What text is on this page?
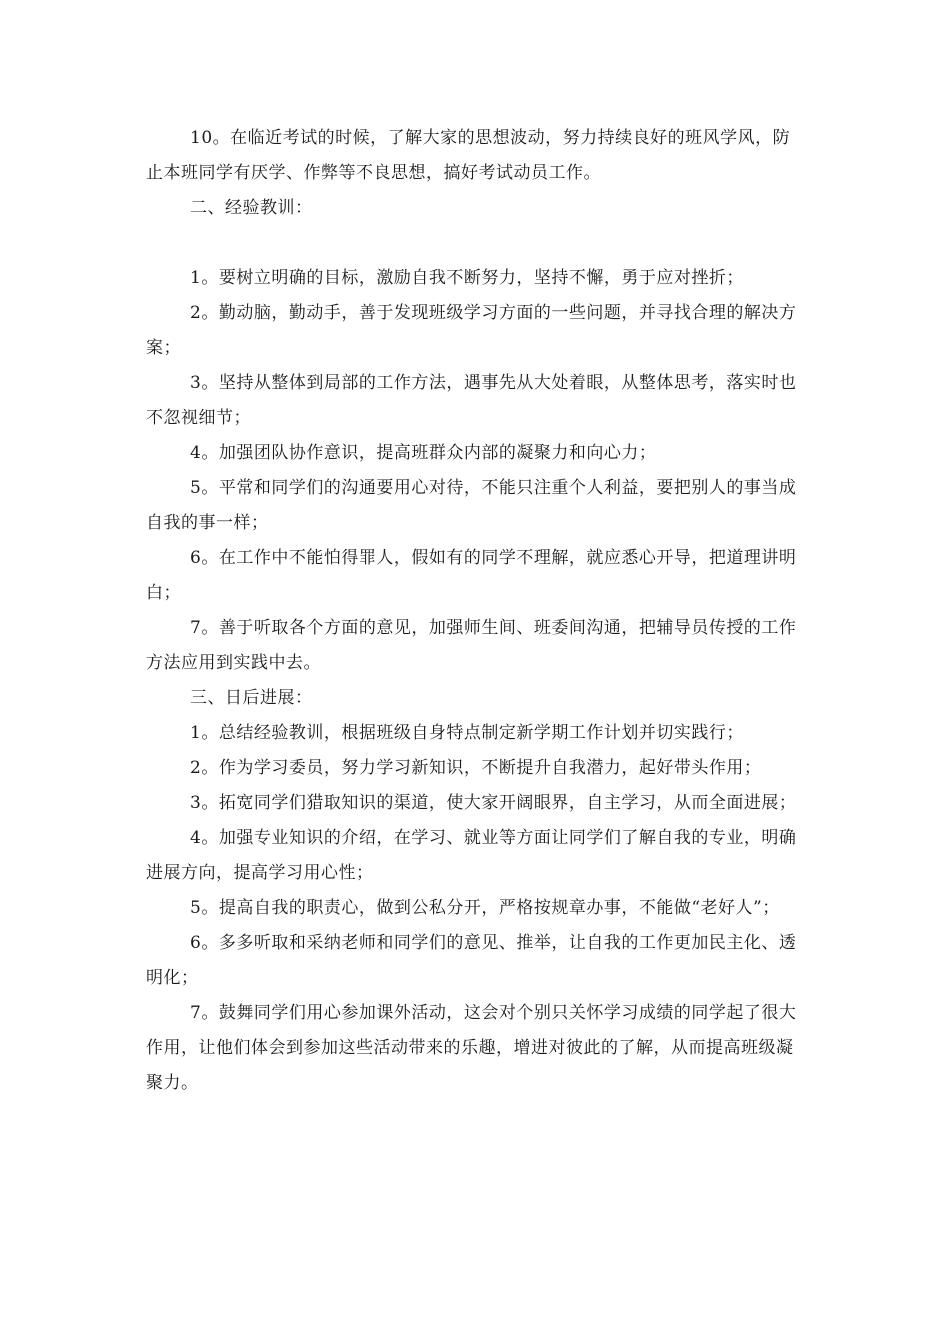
10。在临近考试的时候，了解大家的思想波动，努力持续良好的班风学风，防止本班同学有厌学、作弊等不良思想，搞好考试动员工作。

二、经验教训：

1。要树立明确的目标，激励自我不断努力，坚持不懈，勇于应对挫折；

2。勤动脑，勤动手，善于发现班级学习方面的一些问题，并寻找合理的解决方案；

3。坚持从整体到局部的工作方法，遇事先从大处着眼，从整体思考，落实时也不忽视细节；

4。加强团队协作意识，提高班群众内部的凝聚力和向心力；

5。平常和同学们的沟通要用心对待，不能只注重个人利益，要把别人的事当成自我的事一样；

6。在工作中不能怕得罪人，假如有的同学不理解，就应悉心开导，把道理讲明白；

7。善于听取各个方面的意见，加强师生间、班委间沟通，把辅导员传授的工作方法应用到实践中去。

三、日后进展：

1。总结经验教训，根据班级自身特点制定新学期工作计划并切实践行；

2。作为学习委员，努力学习新知识，不断提升自我潜力，起好带头作用；

3。拓宽同学们猎取知识的渠道，使大家开阔眼界，自主学习，从而全面进展；

4。加强专业知识的介绍，在学习、就业等方面让同学们了解自我的专业，明确进展方向，提高学习用心性；

5。提高自我的职责心，做到公私分开，严格按规章办事，不能做“老好人”；

6。多多听取和采纳老师和同学们的意见、推举，让自我的工作更加民主化、透明化；

7。鼓舞同学们用心参加课外活动，这会对个别只关怀学习成绩的同学起了很大作用，让他们体会到参加这些活动带来的乐趣，增进对彼此的了解，从而提高班级凝聚力。
